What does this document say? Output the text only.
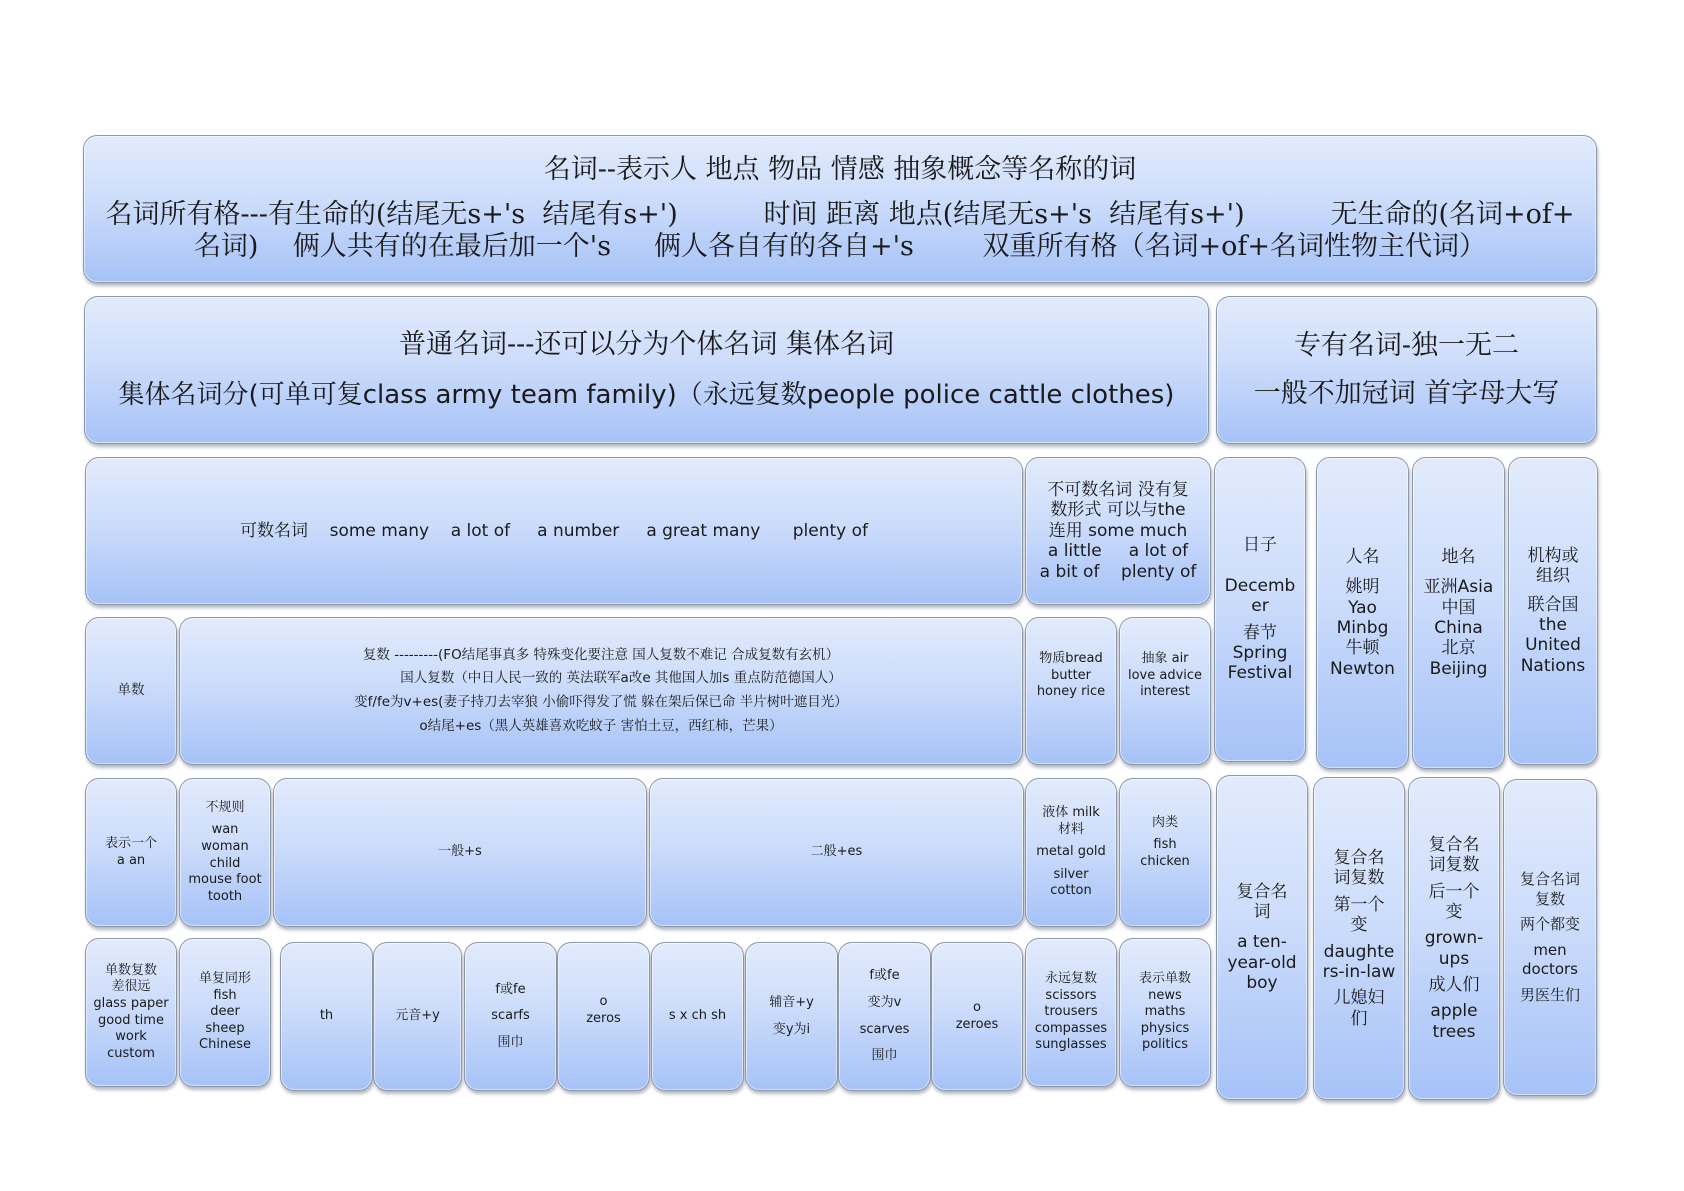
名词--表示人 地点 物品 情感 抽象概念等名称的词
名词所有格---有生命的(结尾无s+'s  结尾有s+')          时间 距离 地点(结尾无s+'s  结尾有s+')          无生命的(名词+of+
名词)    俩人共有的在最后加一个's     俩人各自有的各自+'s        双重所有格（名词+of+名词性物主代词）
普通名词---还可以分为个体名词 集体名词
集体名词分(可单可复class army team family)（永远复数people police cattle clothes)
专有名词-独一无二
一般不加冠词 首字母大写
可数名词    some many    a lot of     a number     a great many      plenty of
不可数名词 没有复
数形式 可以与the
连用 some much
a little     a lot of
a bit of    plenty of
日子
Decemb
er
春节
Spring
Festival
人名
姚明
Yao
Minbg
牛顿
Newton
地名
亚洲Asia
中国
China
北京
Beijing
机构或
组织
联合国
the
United
Nations
单数
复数 ---------(FO结尾事真多 特殊变化要注意 国人复数不难记 合成复数有玄机）
国人复数（中日人民一致的 英法联军a改e 其他国人加s 重点防范德国人）
变f/fe为v+es(妻子持刀去宰狼 小偷吓得发了慌 躲在架后保已命 半片树叶遮目光）
o结尾+es（黑人英雄喜欢吃蚊子 害怕土豆，西红柿，芒果）
物质bread
butter
honey rice
抽象 air
love advice
interest
复合名
词
a ten-
year-old
boy
复合名
词复数
第一个
变
daughte
rs-in-law
儿媳妇
们
复合名
词复数
后一个
变
grown-
ups
成人们
apple
trees
复合名词
复数
两个都变
men
doctors
男医生们
表示一个
a an
不规则
wan
woman
child
mouse foot
tooth
一般+s	二般+es
液体 milk
材料
metal gold
silver
cotton
肉类
fish
chicken
单数复数
差很远
glass paper
good time
work
custom
单复同形
fish
deer
sheep
Chinese
th	元音+y
f或fe
scarfs
围巾
o
zeros	s x ch sh
辅音+y
变y为i
f或fe
变为v
scarves
围巾
o
zeroes
永远复数
scissors
trousers
compasses
sunglasses
表示单数
news
maths
physics
politics
